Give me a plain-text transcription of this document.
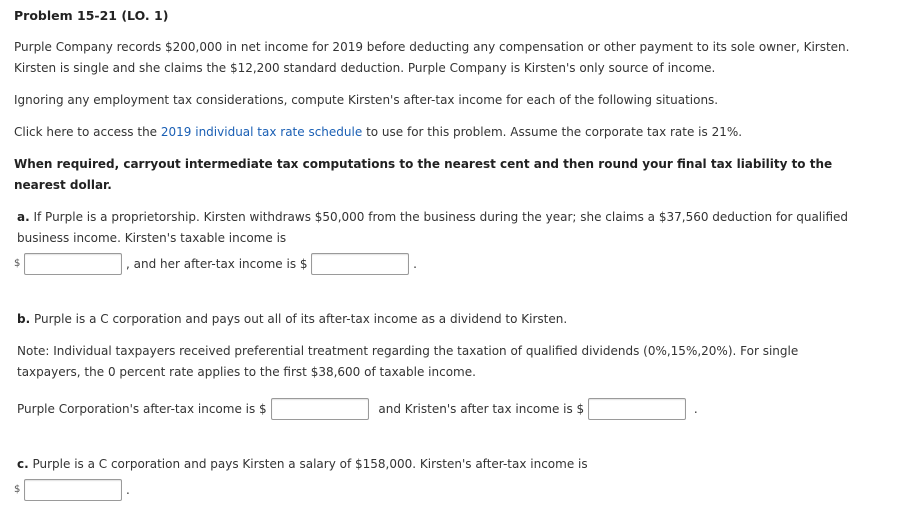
Problem 15-21 (LO. 1)
Purple Company records $200,000 in net income for 2019 before deducting any compensation or other payment to its sole owner, Kirsten.
Kirsten is single and she claims the $12,200 standard deduction. Purple Company is Kirsten's only source of income.
Ignoring any employment tax considerations, compute Kirsten's after-tax income for each of the following situations.
Click here to access the 2019 individual tax rate schedule to use for this problem. Assume the corporate tax rate is 21%.
When required, carryout intermediate tax computations to the nearest cent and then round your final tax liability to the
nearest dollar.
a. If Purple is a proprietorship. Kirsten withdraws $50,000 from the business during the year; she claims a $37,560 deduction for qualified
business income. Kirsten's taxable income is
$	, and her after-tax income is $	.
b. Purple is a C corporation and pays out all of its after-tax income as a dividend to Kirsten.
Note: Individual taxpayers received preferential treatment regarding the taxation of qualified dividends (0%,15%,20%). For single
taxpayers, the 0 percent rate applies to the first $38,600 of taxable income.
Purple Corporation's after-tax income is $	and Kristen's after tax income is $	.
c. Purple is a C corporation and pays Kirsten a salary of $158,000. Kirsten's after-tax income is
$	.
